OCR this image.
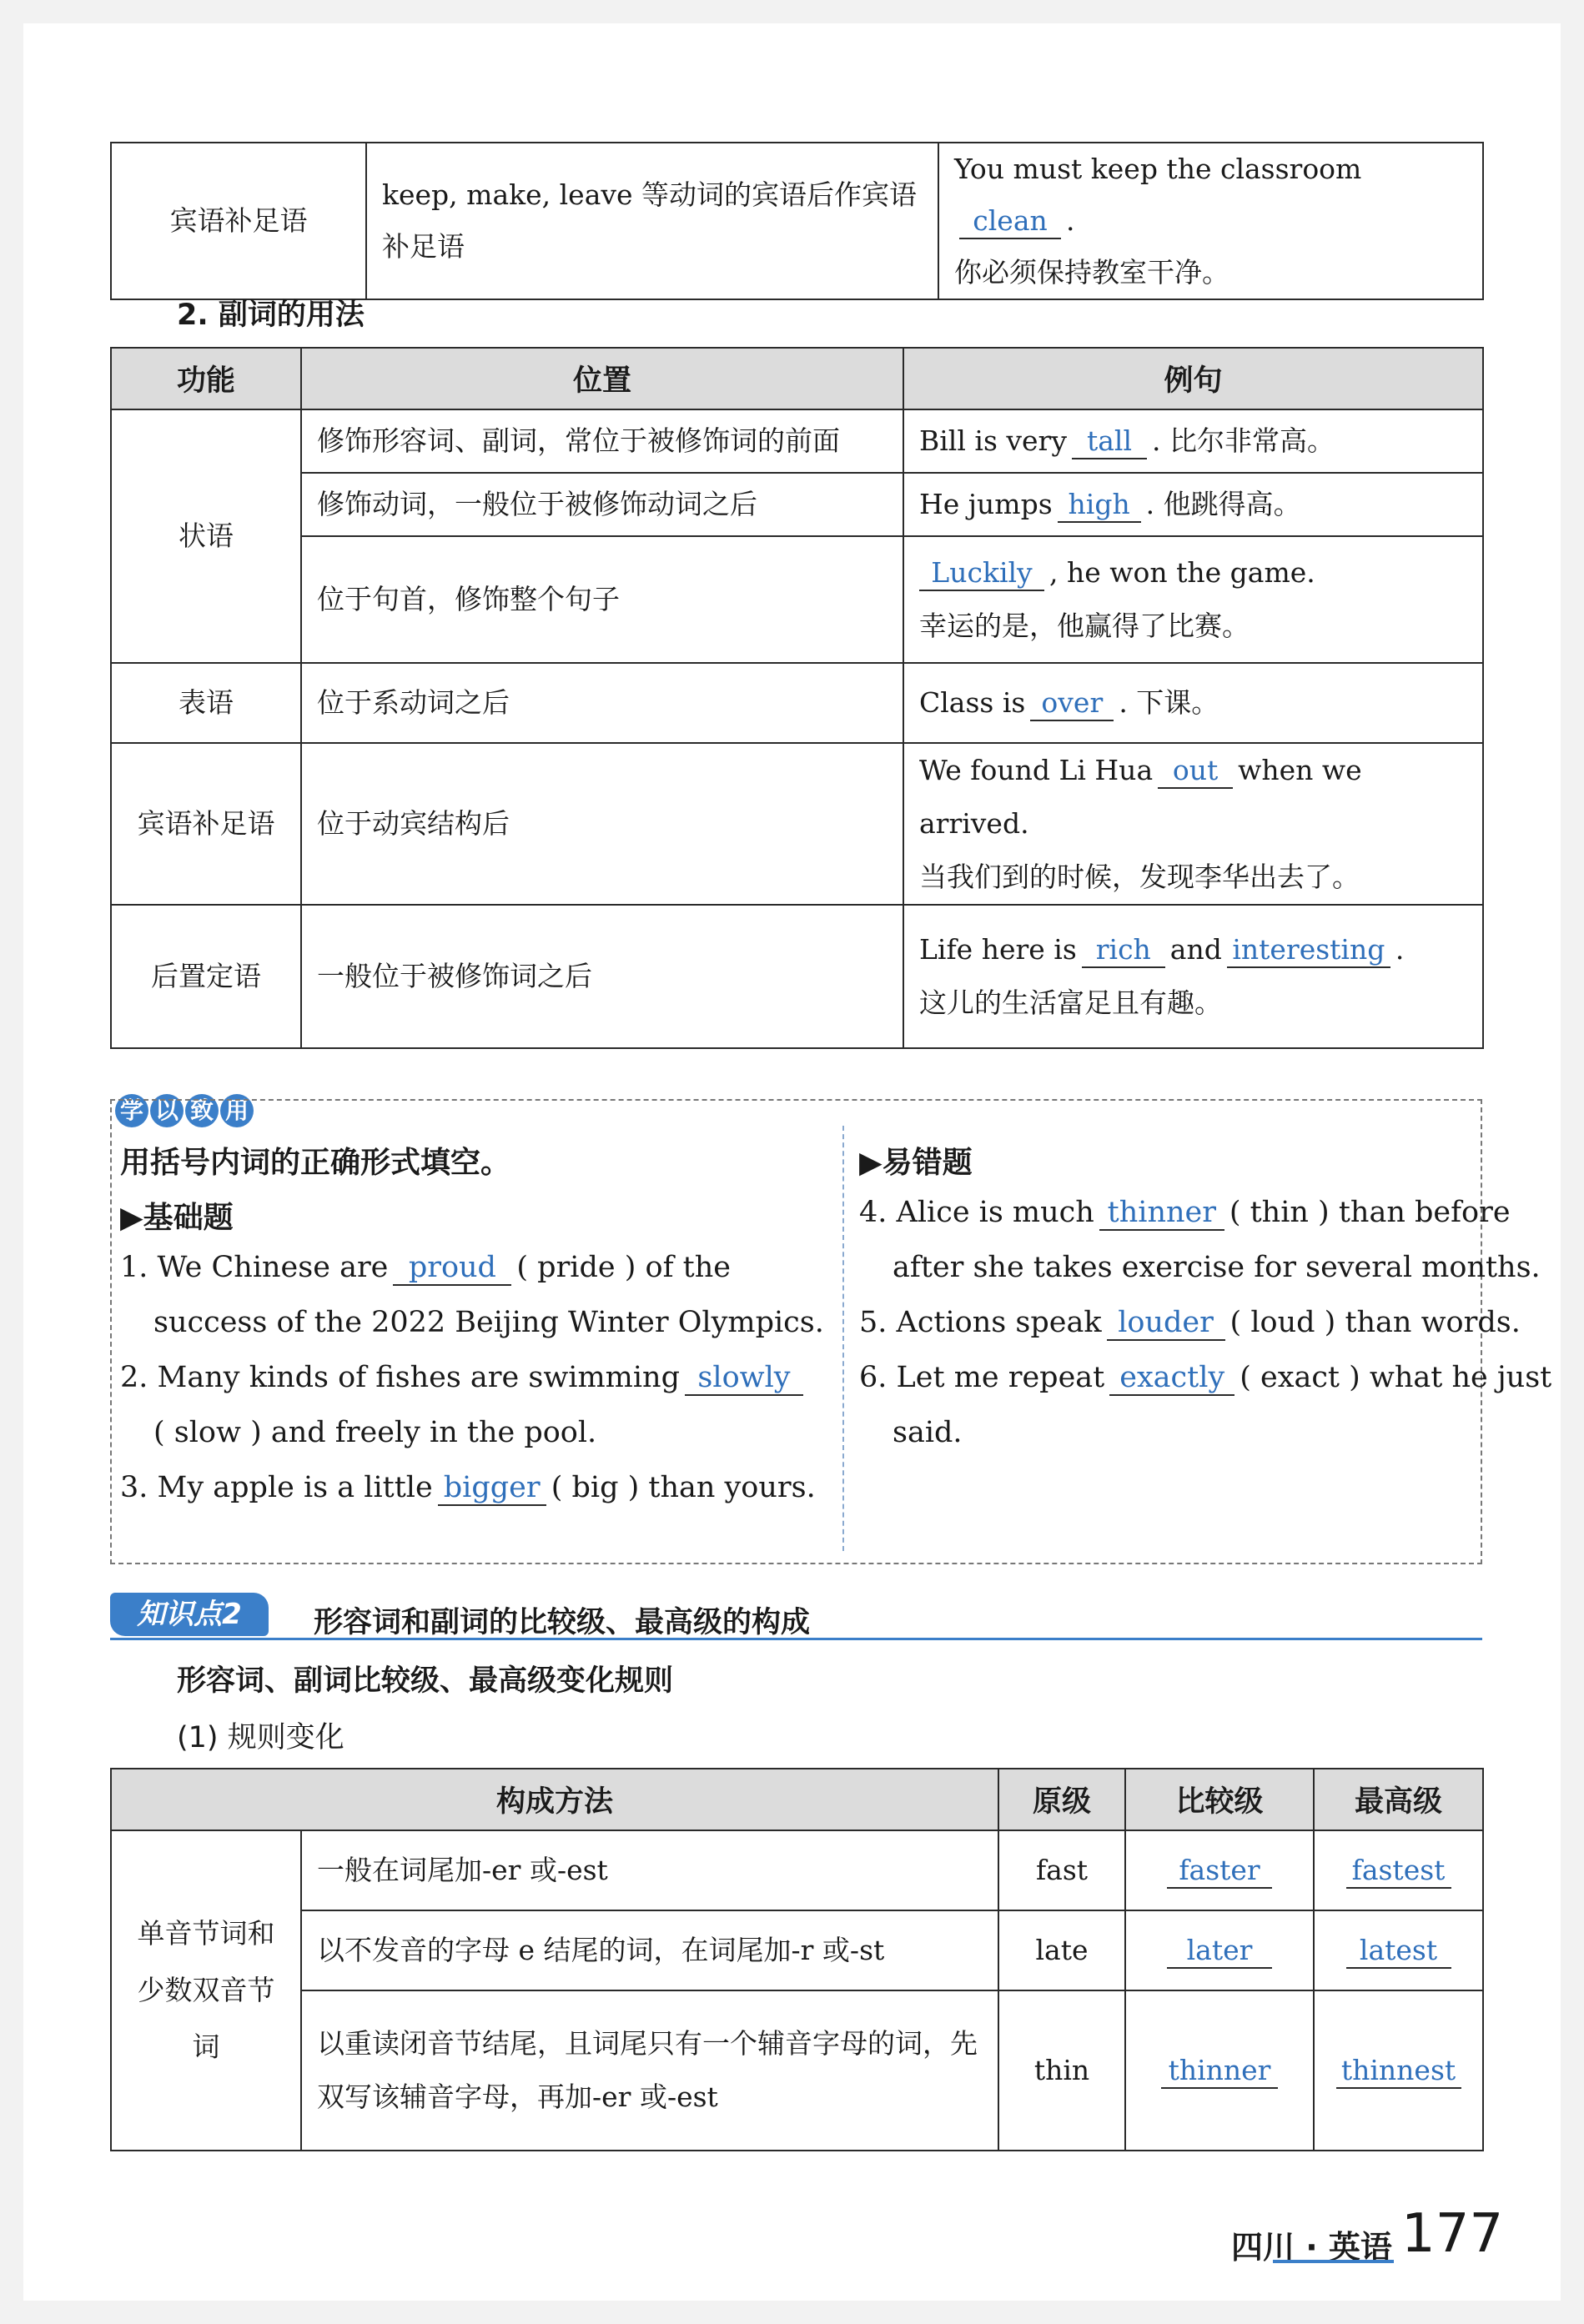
宾语补足语	keep, make, leave 等动词的宾语后作宾语补足语	You must keep the classroomclean .
你必须保持教室干净。
2. 副词的用法
功能	位置	例句
状语	修饰形容词、副词，常位于被修饰词的前面	Bill is very tall . 比尔非常高。
	修饰动词，一般位于被修饰动词之后	He jumps high . 他跳得高。
	位于句首，修饰整个句子	Luckily , he won the game.
幸运的是，他赢得了比赛。
表语	位于系动词之后	Class is over . 下课。
宾语补足语	位于动宾结构后	We found Li Hua out when we arrived.
当我们到的时候，发现李华出去了。
后置定语	一般位于被修饰词之后	Life here is rich and interesting .
这儿的生活富足且有趣。
学 以 致 用
用括号内词的正确形式填空。
▶基础题
1. We Chinese are proud ( pride ) of the
success of the 2022 Beijing Winter Olympics.
2. Many kinds of fishes are swimming slowly
( slow ) and freely in the pool.
3. My apple is a little bigger ( big ) than yours.
▶易错题
4. Alice is much thinner ( thin ) than before
after she takes exercise for several months.
5. Actions speak louder ( loud ) than words.
6. Let me repeat exactly ( exact ) what he just
said.
知识点2	形容词和副词的比较级、最高级的构成
形容词、副词比较级、最高级变化规则
(1) 规则变化
构成方法		原级	比较级	最高级
单音节词和少数双音节词	一般在词尾加-er 或-est	fast	faster	fastest
	以不发音的字母 e 结尾的词，在词尾加-r 或-st	late	later	latest
	以重读闭音节结尾，且词尾只有一个辅音字母的词，先双写该辅音字母，再加-er 或-est	thin	thinner	thinnest
四川 · 英语 177
